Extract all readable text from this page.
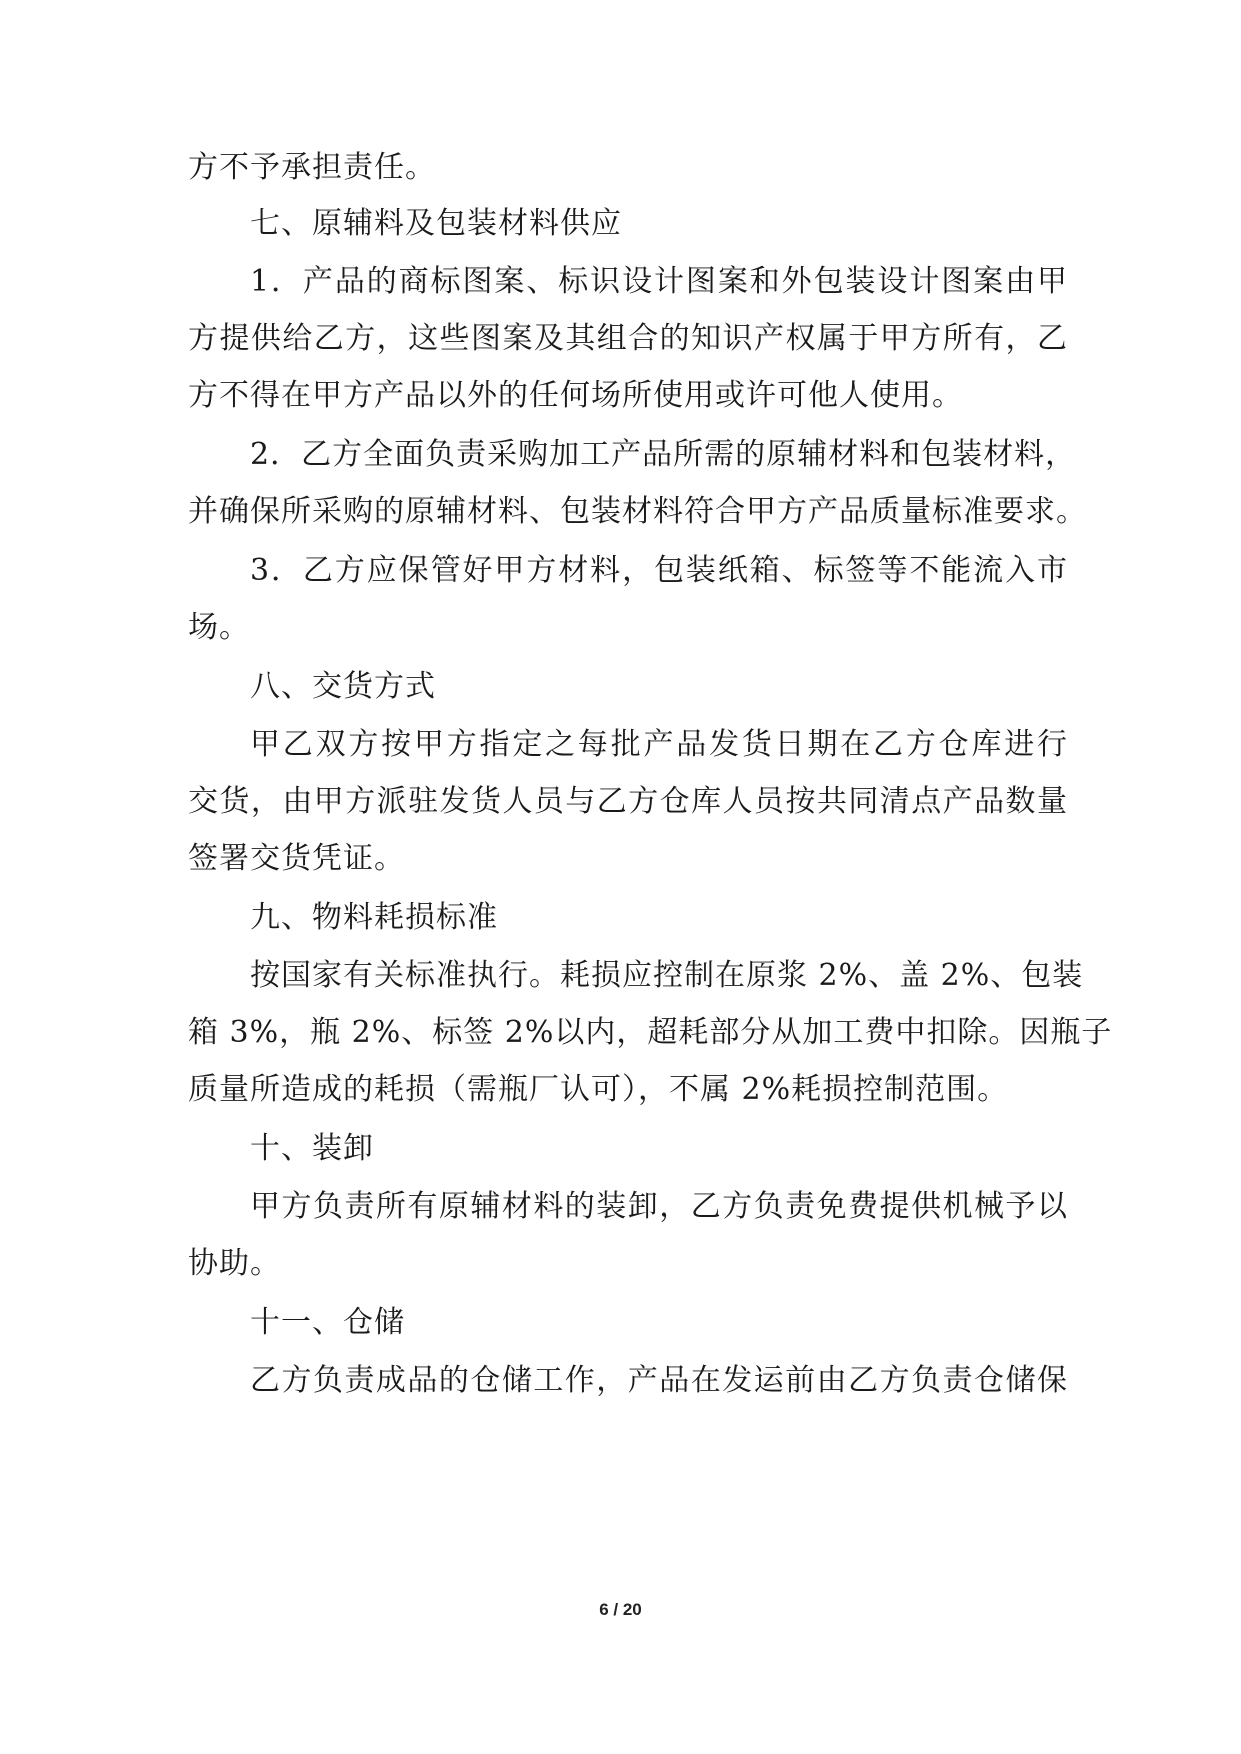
方不予承担责任。
七、原辅料及包装材料供应
1．产品的商标图案、标识设计图案和外包装设计图案由甲
方提供给乙方，这些图案及其组合的知识产权属于甲方所有，乙
方不得在甲方产品以外的任何场所使用或许可他人使用。
2．乙方全面负责采购加工产品所需的原辅材料和包装材料，
并确保所采购的原辅材料、包装材料符合甲方产品质量标准要求。
3．乙方应保管好甲方材料，包装纸箱、标签等不能流入市
场。
八、交货方式
甲乙双方按甲方指定之每批产品发货日期在乙方仓库进行
交货，由甲方派驻发货人员与乙方仓库人员按共同清点产品数量
签署交货凭证。
九、物料耗损标准
按国家有关标准执行。耗损应控制在原浆 2%、盖 2%、包装
箱 3%，瓶 2%、标签 2%以内，超耗部分从加工费中扣除。因瓶子
质量所造成的耗损（需瓶厂认可），不属 2%耗损控制范围。
十、装卸
甲方负责所有原辅材料的装卸，乙方负责免费提供机械予以
协助。
十一、仓储
乙方负责成品的仓储工作，产品在发运前由乙方负责仓储保
6 / 20
